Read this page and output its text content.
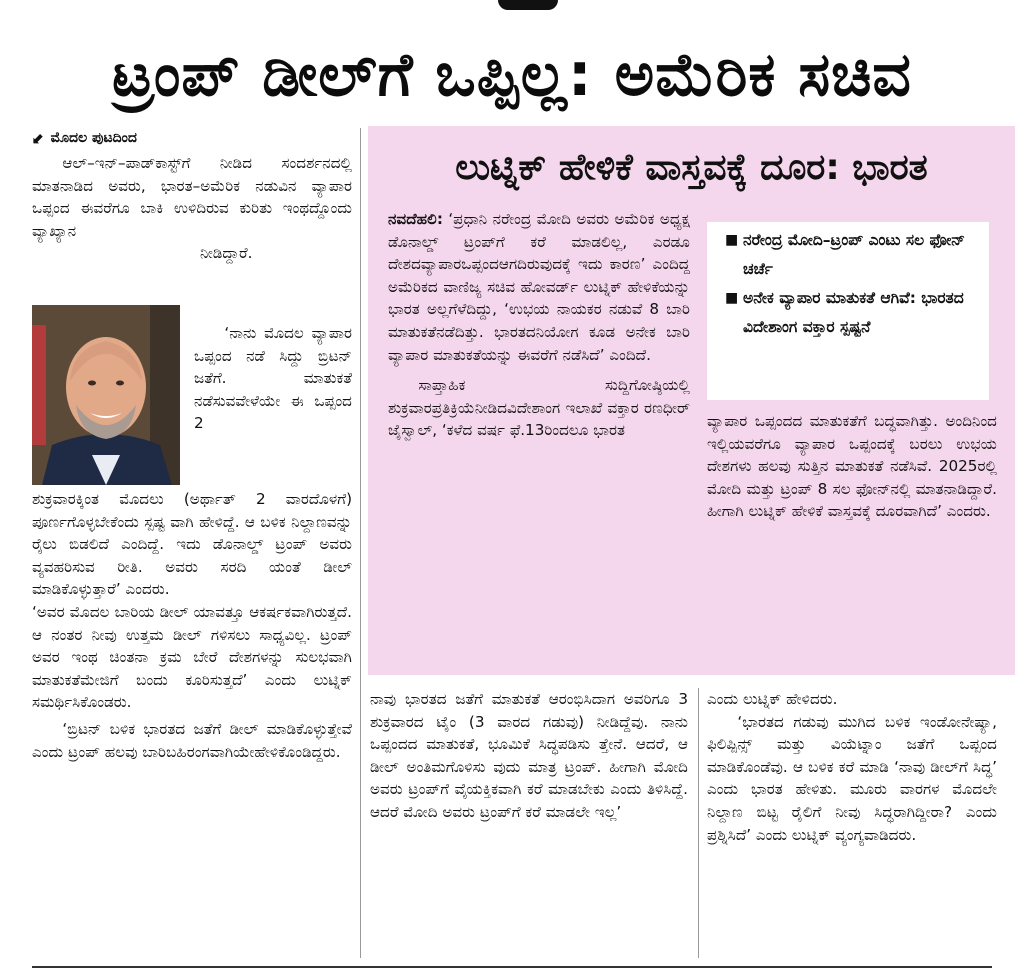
ಟ್ರಂಪ್ ಡೀಲ್‌ಗೆ ಒಪ್ಪಿಲ್ಲ: ಅಮೆರಿಕ ಸಚಿವ
⬋ ಮೊದಲ ಪುಟದಿಂದ

ಆಲ್–ಇನ್–ಪಾಡ್‌ಕಾಸ್ಟ್‌ಗೆ ನೀಡಿದ ಸಂದರ್ಶನದಲ್ಲಿ ಮಾತನಾಡಿದ ಅವರು, ಭಾರತ–ಅಮೆರಿಕ ನಡುವಿನ ವ್ಯಾಪಾರ ಒಪ್ಪಂದ ಈವರೆಗೂ ಬಾಕಿ ಉಳಿದಿರುವ ಕುರಿತು ಇಂಥದ್ದೊಂದು ವ್ಯಾಖ್ಯಾನ

ನೀಡಿದ್ದಾರೆ.

‘ನಾನು ಮೊದಲ ವ್ಯಾಪಾರ ಒಪ್ಪಂದ ನಡೆ ಸಿದ್ದು ಬ್ರಿಟನ್ ಜತೆಗೆ. ಮಾತುಕತೆ ನಡೆಸುವವೇಳೆಯೇ ಈ ಒಪ್ಪಂದ 2

ಶುಕ್ರವಾರಕ್ಕಿಂತ ಮೊದಲು (ಅರ್ಥಾತ್ 2 ವಾರದೊಳಗೆ) ಪೂರ್ಣಗೊಳ್ಳಬೇಕೆಂದು ಸ್ಪಷ್ಟ ವಾಗಿ ಹೇಳಿದ್ದೆ. ಆ ಬಳಿಕ ನಿಲ್ದಾಣವನ್ನು ರೈಲು ಬಿಡಲಿದೆ ಎಂದಿದ್ದೆ. ಇದು ಡೊನಾಲ್ಡ್ ಟ್ರಂಪ್ ಅವರು ವ್ಯವಹರಿಸುವ ರೀತಿ. ಅವರು ಸರದಿ ಯಂತೆ ಡೀಲ್ ಮಾಡಿಕೊಳ್ಳುತ್ತಾರೆ’ ಎಂದರು.

‘ಅವರ ಮೊದಲ ಬಾರಿಯ ಡೀಲ್ ಯಾವತ್ತೂ ಆಕರ್ಷಕವಾಗಿರುತ್ತದೆ. ಆ ನಂತರ ನೀವು ಉತ್ತಮ ಡೀಲ್ ಗಳಿಸಲು ಸಾಧ್ಯವಿಲ್ಲ. ಟ್ರಂಪ್ ಅವರ ಇಂಥ ಚಿಂತನಾ ಕ್ರಮ ಬೇರೆ ದೇಶಗಳನ್ನು ಸುಲಭವಾಗಿ ಮಾತುಕತೆಮೇಜಿಗೆ ಬಂದು ಕೂರಿಸುತ್ತದೆ’ ಎಂದು ಲುಟ್ನಿಕ್ ಸಮರ್ಥಿಸಿಕೊಂಡರು.

‘ಬ್ರಿಟನ್ ಬಳಿಕ ಭಾರತದ ಜತೆಗೆ ಡೀಲ್ ಮಾಡಿಕೊಳ್ಳುತ್ತೇವೆ ಎಂದು ಟ್ರಂಪ್ ಹಲವು ಬಾರಿಬಹಿರಂಗವಾಗಿಯೇಹೇಳಿಕೊಂಡಿದ್ದರು.

ಲುಟ್ನಿಕ್ ಹೇಳಿಕೆ ವಾಸ್ತವಕ್ಕೆ ದೂರ: ಭಾರತ

ನವದೆಹಲಿ: ‘ಪ್ರಧಾನಿ ನರೇಂದ್ರ ಮೋದಿ ಅವರು ಅಮೆರಿಕ ಅಧ್ಯಕ್ಷ ಡೊನಾಲ್ಡ್ ಟ್ರಂಪ್‌ಗೆ ಕರೆ ಮಾಡಲಿಲ್ಲ, ಎರಡೂ ದೇಶದವ್ಯಾಪಾರಒಪ್ಪಂದಆಗದಿರುವುದಕ್ಕೆ ಇದು ಕಾರಣ’ ಎಂದಿದ್ದ ಅಮೆರಿಕದ ವಾಣಿಜ್ಯ ಸಚಿವ ಹೋವರ್ಡ್ ಲುಟ್ನಿಕ್ ಹೇಳಿಕೆಯನ್ನು ಭಾರತ ಅಲ್ಲಗೆಳೆದಿದ್ದು, ‘ಉಭಯ ನಾಯಕರ ನಡುವೆ 8 ಬಾರಿ ಮಾತುಕತೆನಡೆದಿತ್ತು. ಭಾರತದನಿಯೋಗ ಕೂಡ ಅನೇಕ ಬಾರಿ ವ್ಯಾಪಾರ ಮಾತುಕತೆಯನ್ನು ಈವರೆಗೆ ನಡೆಸಿದೆ’ ಎಂದಿದೆ.

ಸಾಪ್ತಾಹಿಕ ಸುದ್ದಿಗೋಷ್ಠಿಯಲ್ಲಿ ಶುಕ್ರವಾರಪ್ರತಿಕ್ರಿಯೆನೀಡಿದವಿದೇಶಾಂಗ ಇಲಾಖೆ ವಕ್ತಾರ ರಣಧೀರ್ ಜೈಸ್ವಾಲ್, ‘ಕಳೆದ ವರ್ಷ ಫೆ.13ರಿಂದಲೂ ಭಾರತ

■ ನರೇಂದ್ರ ಮೋದಿ–ಟ್ರಂಪ್ ಎಂಟು ಸಲ ಫೋನ್ ಚರ್ಚೆ
■ ಅನೇಕ ವ್ಯಾಪಾರ ಮಾತುಕತೆ ಆಗಿವೆ: ಭಾರತದ ವಿದೇಶಾಂಗ ವಕ್ತಾರ ಸ್ಪಷ್ಟನೆ

ವ್ಯಾಪಾರ ಒಪ್ಪಂದದ ಮಾತುಕತೆಗೆ ಬದ್ಧವಾಗಿತ್ತು. ಅಂದಿನಿಂದ ಇಲ್ಲಿಯವರೆಗೂ ವ್ಯಾಪಾರ ಒಪ್ಪಂದಕ್ಕೆ ಬರಲು ಉಭಯ ದೇಶಗಳು ಹಲವು ಸುತ್ತಿನ ಮಾತುಕತೆ ನಡೆಸಿವೆ. 2025ರಲ್ಲಿ ಮೋದಿ ಮತ್ತು ಟ್ರಂಪ್ 8 ಸಲ ಫೋನ್‌ನಲ್ಲಿ ಮಾತನಾಡಿದ್ದಾರೆ. ಹೀಗಾಗಿ ಲುಟ್ನಿಕ್ ಹೇಳಿಕೆ ವಾಸ್ತವಕ್ಕೆ ದೂರವಾಗಿದೆ’ ಎಂದರು.

ನಾವು ಭಾರತದ ಜತೆಗೆ ಮಾತುಕತೆ ಆರಂಭಿಸಿದಾಗ ಅವರಿಗೂ 3 ಶುಕ್ರವಾರದ ಟೈಂ (3 ವಾರದ ಗಡುವು) ನೀಡಿದ್ದೆವು. ನಾನು ಒಪ್ಪಂದದ ಮಾತುಕತೆ, ಭೂಮಿಕೆ ಸಿದ್ಧಪಡಿಸು ತ್ತೇನೆ. ಆದರೆ, ಆ ಡೀಲ್ ಅಂತಿಮಗೊಳಿಸು ವುದು ಮಾತ್ರ ಟ್ರಂಪ್. ಹೀಗಾಗಿ ಮೋದಿ ಅವರು ಟ್ರಂಪ್‌ಗೆ ವೈಯಕ್ತಿಕವಾಗಿ ಕರೆ ಮಾಡಬೇಕು ಎಂದು ತಿಳಿಸಿದ್ದೆ. ಆದರೆ ಮೋದಿ ಅವರು ಟ್ರಂಪ್‌ಗೆ ಕರೆ ಮಾಡಲೇ ಇಲ್ಲ’

ಎಂದು ಲುಟ್ನಿಕ್ ಹೇಳಿದರು.

‘ಭಾರತದ ಗಡುವು ಮುಗಿದ ಬಳಿಕ ಇಂಡೋನೇಷ್ಯಾ, ಫಿಲಿಪ್ಪಿನ್ಸ್ ಮತ್ತು ವಿಯೆಟ್ನಾಂ ಜತೆಗೆ ಒಪ್ಪಂದ ಮಾಡಿಕೊಂಡೆವು. ಆ ಬಳಿಕ ಕರೆ ಮಾಡಿ ‘ನಾವು ಡೀಲ್‌ಗೆ ಸಿದ್ಧ’ ಎಂದು ಭಾರತ ಹೇಳಿತು. ಮೂರು ವಾರಗಳ ಮೊದಲೇ ನಿಲ್ದಾಣ ಬಿಟ್ಟ ರೈಲಿಗೆ ನೀವು ಸಿದ್ಧರಾಗಿದ್ದೀರಾ? ಎಂದು ಪ್ರಶ್ನಿಸಿದೆ’ ಎಂದು ಲುಟ್ನಿಕ್ ವ್ಯಂಗ್ಯವಾಡಿದರು.
